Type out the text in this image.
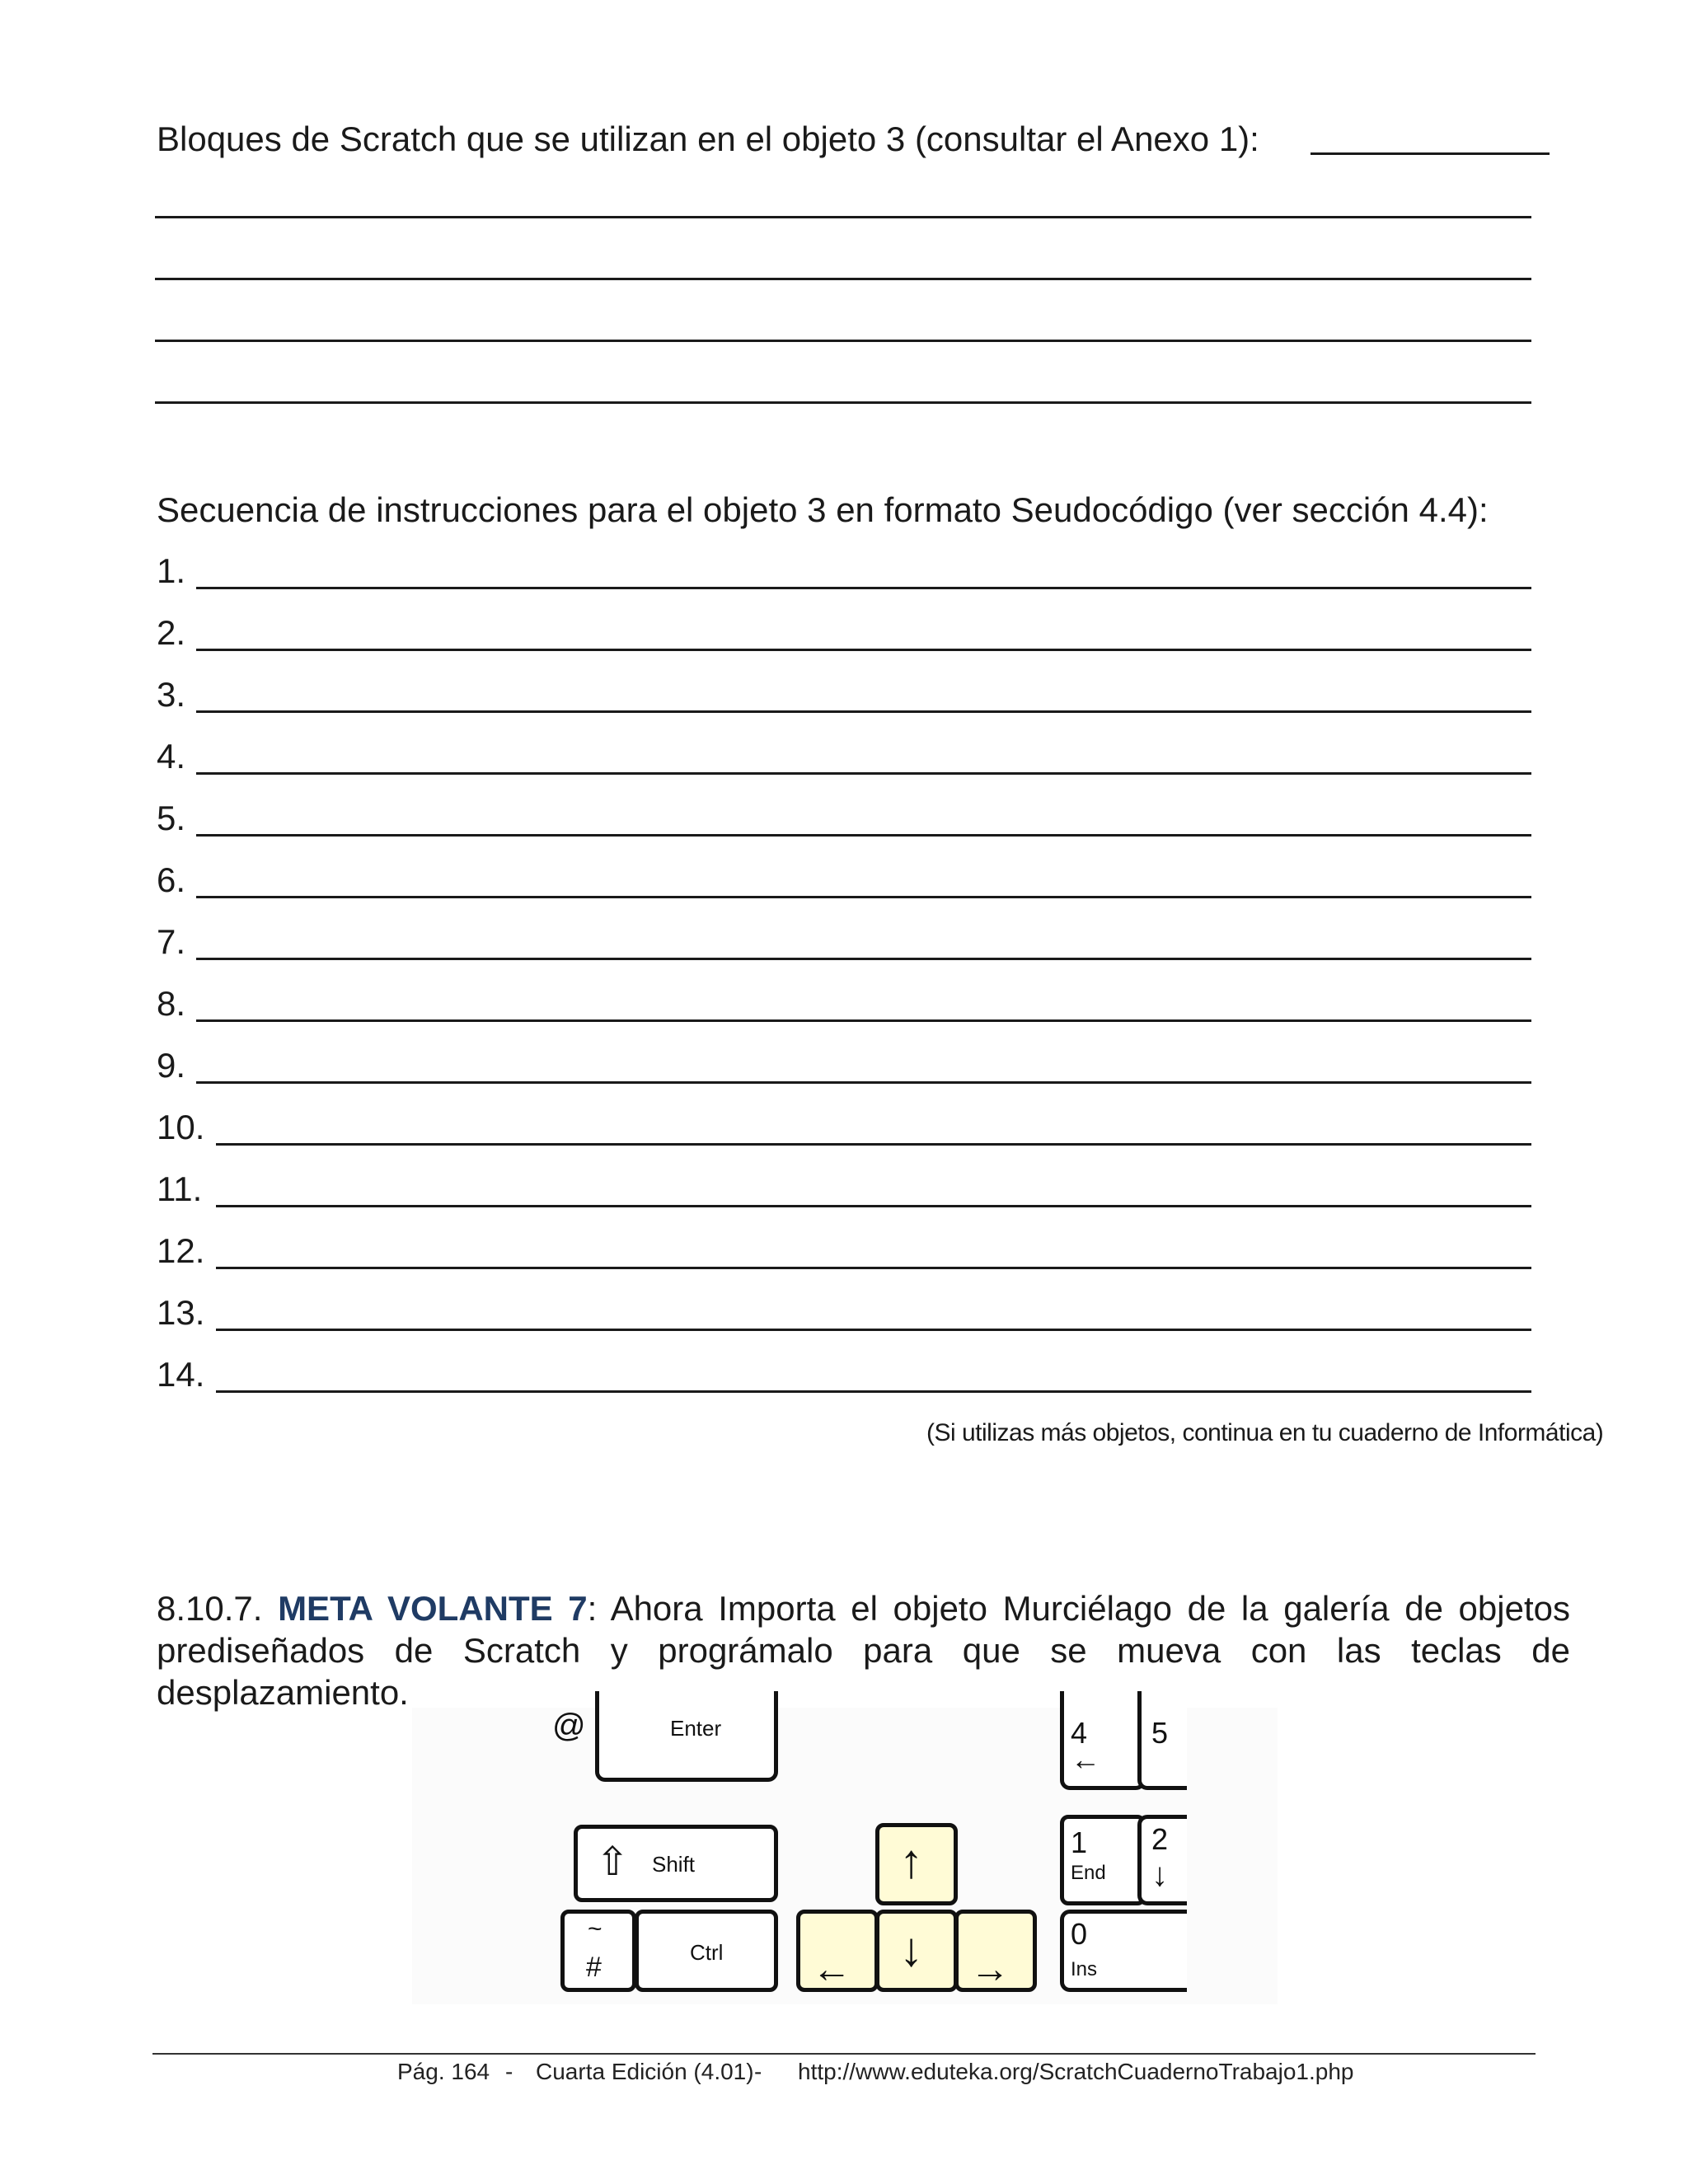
Bloques de Scratch que se utilizan en el objeto 3 (consultar el Anexo 1):
Secuencia de instrucciones para el objeto 3 en formato Seudocódigo (ver sección 4.4):
1.
2.
3.
4.
5.
6.
7.
8.
9.
10.
11.
12.
13.
14.
(Si utilizas más objetos, continua en tu cuaderno de Informática)
8.10.7. META VOLANTE 7: Ahora Importa el objeto Murciélago de la galería de objetos prediseñados de Scratch y prográmalo para que se mueva con las teclas de desplazamiento.
@	Enter
⇧ Shift
~
#	Ctrl
↑
← ↓ →
4
←
5
1
End
2
↓
0
Ins
Pág. 164 - Cuarta Edición (4.01) - http://www.eduteka.org/ScratchCuadernoTrabajo1.php
